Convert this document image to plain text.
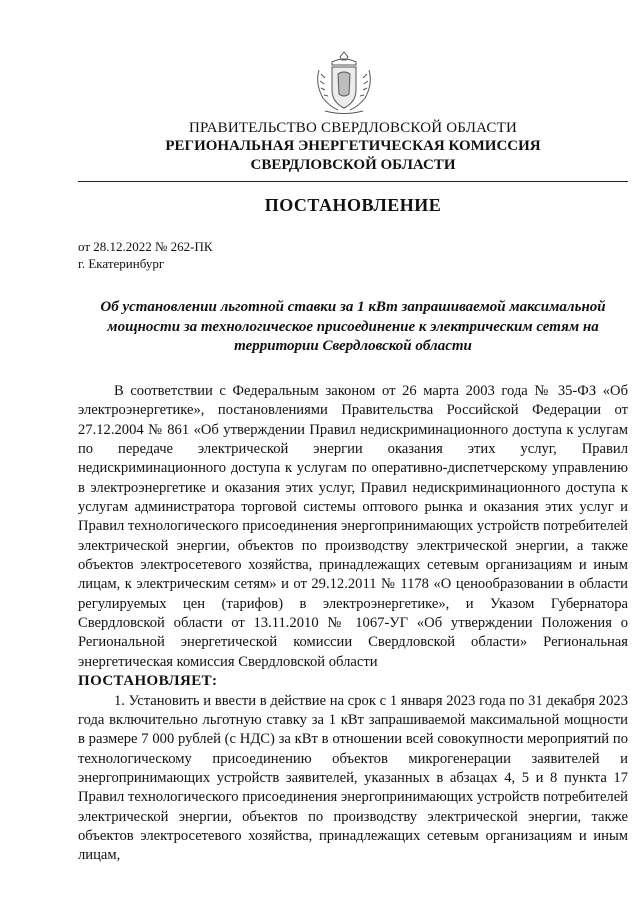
ПРАВИТЕЛЬСТВО СВЕРДЛОВСКОЙ ОБЛАСТИ
РЕГИОНАЛЬНАЯ ЭНЕРГЕТИЧЕСКАЯ КОМИССИЯ
СВЕРДЛОВСКОЙ ОБЛАСТИ
ПОСТАНОВЛЕНИЕ
от 28.12.2022 № 262-ПК
г. Екатеринбург
Об установлении льготной ставки за 1 кВт запрашиваемой максимальной мощности за технологическое присоединение к электрическим сетям на территории Свердловской области

В соответствии с Федеральным законом от 26 марта 2003 года № 35-ФЗ «Об электроэнергетике», постановлениями Правительства Российской Федерации от 27.12.2004 № 861 «Об утверждении Правил недискриминационного доступа к услугам по передаче электрической энергии оказания этих услуг, Правил недискриминационного доступа к услугам по оперативно-диспетчерскому управлению в электроэнергетике и оказания этих услуг, Правил недискриминационного доступа к услугам администратора торговой системы оптового рынка и оказания этих услуг и Правил технологического присоединения энергопринимающих устройств потребителей электрической энергии, объектов по производству электрической энергии, а также объектов электросетевого хозяйства, принадлежащих сетевым организациям и иным лицам, к электрическим сетям» и от 29.12.2011 № 1178 «О ценообразовании в области регулируемых цен (тарифов) в электроэнергетике», и Указом Губернатора Свердловской области от 13.11.2010 № 1067-УГ «Об утверждении Положения о Региональной энергетической комиссии Свердловской области» Региональная энергетическая комиссия Свердловской области

ПОСТАНОВЛЯЕТ:

1. Установить и ввести в действие на срок с 1 января 2023 года по 31 декабря 2023 года включительно льготную ставку за 1 кВт запрашиваемой максимальной мощности в размере 7 000 рублей (с НДС) за кВт в отношении всей совокупности мероприятий по технологическому присоединению объектов микрогенерации заявителей и энергопринимающих устройств заявителей, указанных в абзацах 4, 5 и 8 пункта 17 Правил технологического присоединения энергопринимающих устройств потребителей электрической энергии, объектов по производству электрической энергии, также объектов электросетевого хозяйства, принадлежащих сетевым организациям и иным лицам,
